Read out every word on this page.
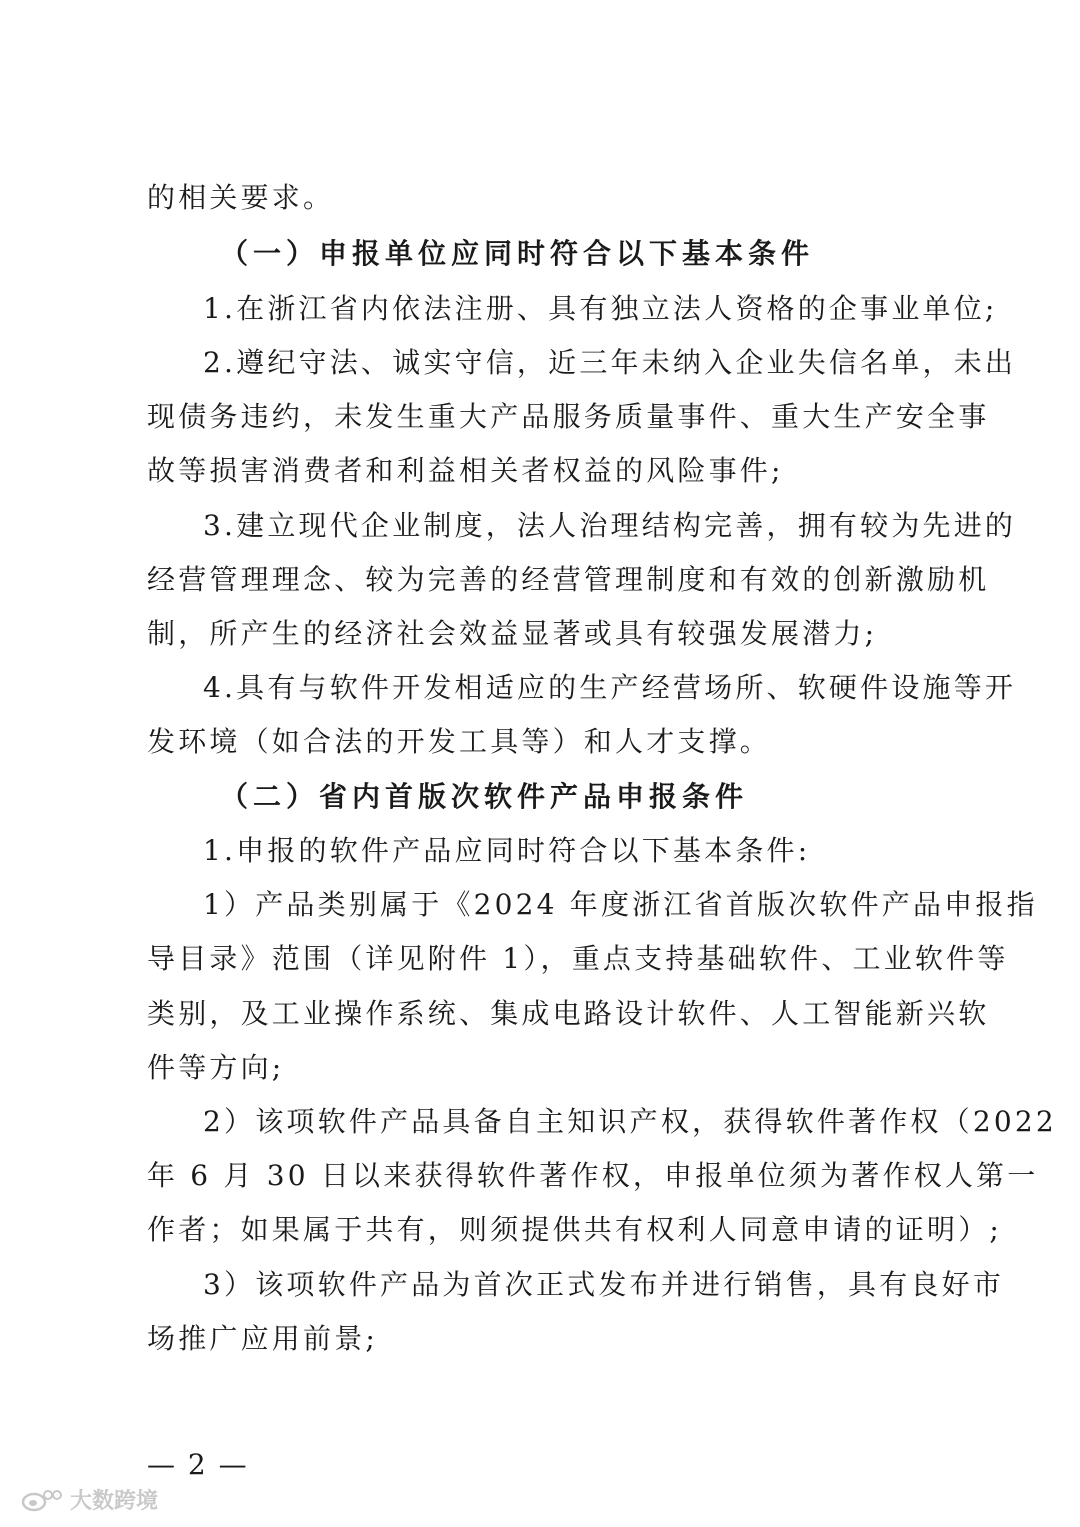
的相关要求。
（一）申报单位应同时符合以下基本条件
1.在浙江省内依法注册、具有独立法人资格的企事业单位;
2.遵纪守法、诚实守信，近三年未纳入企业失信名单，未出
现债务违约，未发生重大产品服务质量事件、重大生产安全事
故等损害消费者和利益相关者权益的风险事件;
3.建立现代企业制度，法人治理结构完善，拥有较为先进的
经营管理理念、较为完善的经营管理制度和有效的创新激励机
制，所产生的经济社会效益显著或具有较强发展潜力;
4.具有与软件开发相适应的生产经营场所、软硬件设施等开
发环境（如合法的开发工具等）和人才支撑。
（二）省内首版次软件产品申报条件
1.申报的软件产品应同时符合以下基本条件:
1）产品类别属于《2024 年度浙江省首版次软件产品申报指
导目录》范围（详见附件 1），重点支持基础软件、工业软件等
类别，及工业操作系统、集成电路设计软件、人工智能新兴软
件等方向;
2）该项软件产品具备自主知识产权，获得软件著作权（2022
年 6 月 30 日以来获得软件著作权，申报单位须为著作权人第一
作者；如果属于共有，则须提供共有权利人同意申请的证明）;
3）该项软件产品为首次正式发布并进行销售，具有良好市
场推广应用前景;
— 2 —
大数跨境
